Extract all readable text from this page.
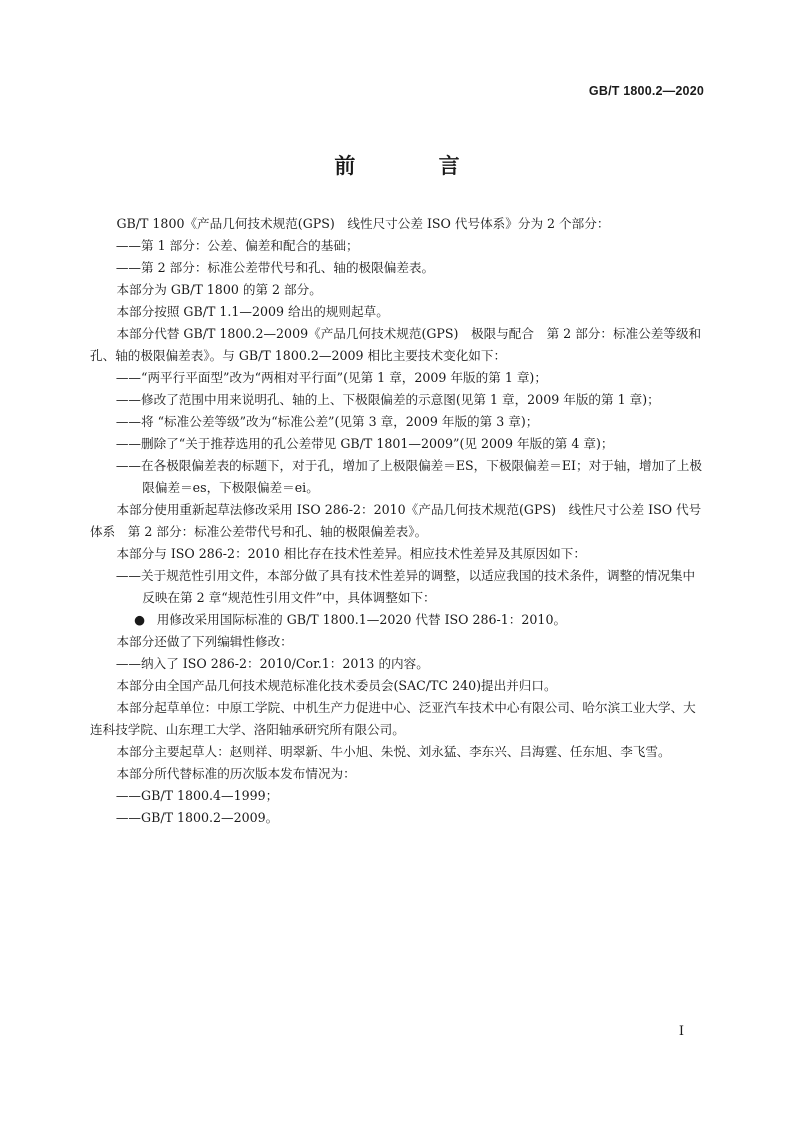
GB/T 1800.2—2020
前 言

GB/T 1800《产品几何技术规范(GPS)　线性尺寸公差 ISO 代号体系》分为 2 个部分：

——第 1 部分：公差、偏差和配合的基础；

——第 2 部分：标准公差带代号和孔、轴的极限偏差表。

本部分为 GB/T 1800 的第 2 部分。

本部分按照 GB/T 1.1—2009 给出的规则起草。

本部分代替 GB/T 1800.2—2009《产品几何技术规范(GPS)　极限与配合　第 2 部分：标准公差等级和孔、轴的极限偏差表》。与 GB/T 1800.2—2009 相比主要技术变化如下：

——“两平行平面型”改为“两相对平行面”(见第 1 章，2009 年版的第 1 章)；

——修改了范围中用来说明孔、轴的上、下极限偏差的示意图(见第 1 章，2009 年版的第 1 章)；

——将 “标准公差等级”改为“标准公差”(见第 3 章，2009 年版的第 3 章)；

——删除了“关于推荐选用的孔公差带见 GB/T 1801—2009”(见 2009 年版的第 4 章)；

——在各极限偏差表的标题下，对于孔，增加了上极限偏差＝ES，下极限偏差＝EI；对于轴，增加了上极限偏差＝es，下极限偏差＝ei。

本部分使用重新起草法修改采用 ISO 286-2：2010《产品几何技术规范(GPS)　线性尺寸公差 ISO 代号体系　第 2 部分：标准公差带代号和孔、轴的极限偏差表》。

本部分与 ISO 286-2：2010 相比存在技术性差异。相应技术性差异及其原因如下：

——关于规范性引用文件，本部分做了具有技术性差异的调整，以适应我国的技术条件，调整的情况集中反映在第 2 章“规范性引用文件”中，具体调整如下：

● 用修改采用国际标准的 GB/T 1800.1—2020 代替 ISO 286-1：2010。

本部分还做了下列编辑性修改：

——纳入了 ISO 286-2：2010/Cor.1：2013 的内容。

本部分由全国产品几何技术规范标准化技术委员会(SAC/TC 240)提出并归口。

本部分起草单位：中原工学院、中机生产力促进中心、泛亚汽车技术中心有限公司、哈尔滨工业大学、大连科技学院、山东理工大学、洛阳轴承研究所有限公司。

本部分主要起草人：赵则祥、明翠新、牛小旭、朱悦、刘永猛、李东兴、吕海霆、任东旭、李飞雪。

本部分所代替标准的历次版本发布情况为：

——GB/T 1800.4—1999；

——GB/T 1800.2—2009。

I
